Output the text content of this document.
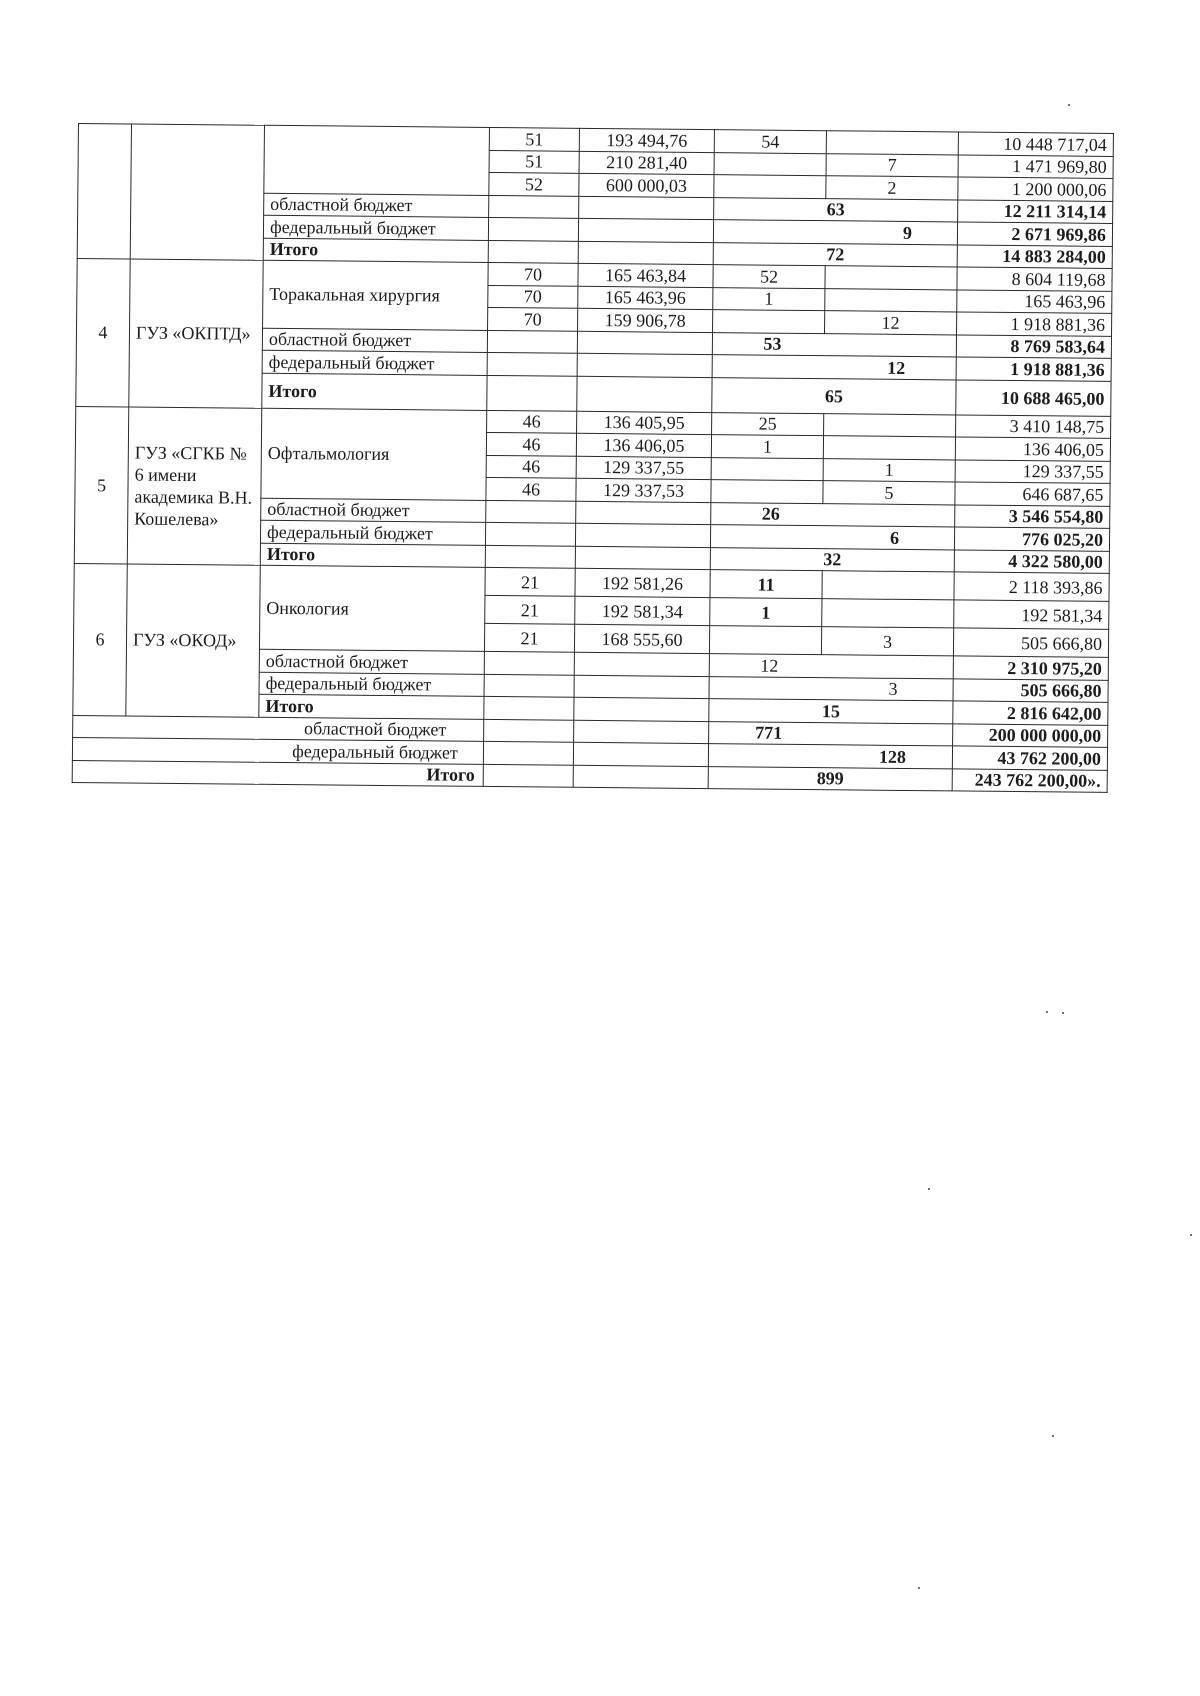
			51	193 494,76	54		10 448 717,04
			51	210 281,40		7	1 471 969,80
			52	600 000,03		2	1 200 000,06
		областной бюджет			63		12 211 314,14
		федеральный бюджет			9		2 671 969,86
		Итого			72		14 883 284,00
4	ГУЗ «ОКПТД»	Торакальная хирургия	70	165 463,84	52		8 604 119,68
			70	165 463,96	1		165 463,96
			70	159 906,78		12	1 918 881,36
		областной бюджет			53		8 769 583,64
		федеральный бюджет			12		1 918 881,36
		Итого			65		10 688 465,00
5	ГУЗ «СГКБ № 6 имени академика В.Н. Кошелева»	Офтальмология	46	136 405,95	25		3 410 148,75
			46	136 406,05	1		136 406,05
			46	129 337,55		1	129 337,55
			46	129 337,53		5	646 687,65
		областной бюджет			26		3 546 554,80
		федеральный бюджет			6		776 025,20
		Итого			32		4 322 580,00
6	ГУЗ «ОКОД»	Онкология	21	192 581,26	11		2 118 393,86
			21	192 581,34	1		192 581,34
			21	168 555,60		3	505 666,80
		областной бюджет			12		2 310 975,20
		федеральный бюджет			3		505 666,80
		Итого			15		2 816 642,00
областной бюджет					771		200 000 000,00
федеральный бюджет					128		43 762 200,00
Итого					899		243 762 200,00».
